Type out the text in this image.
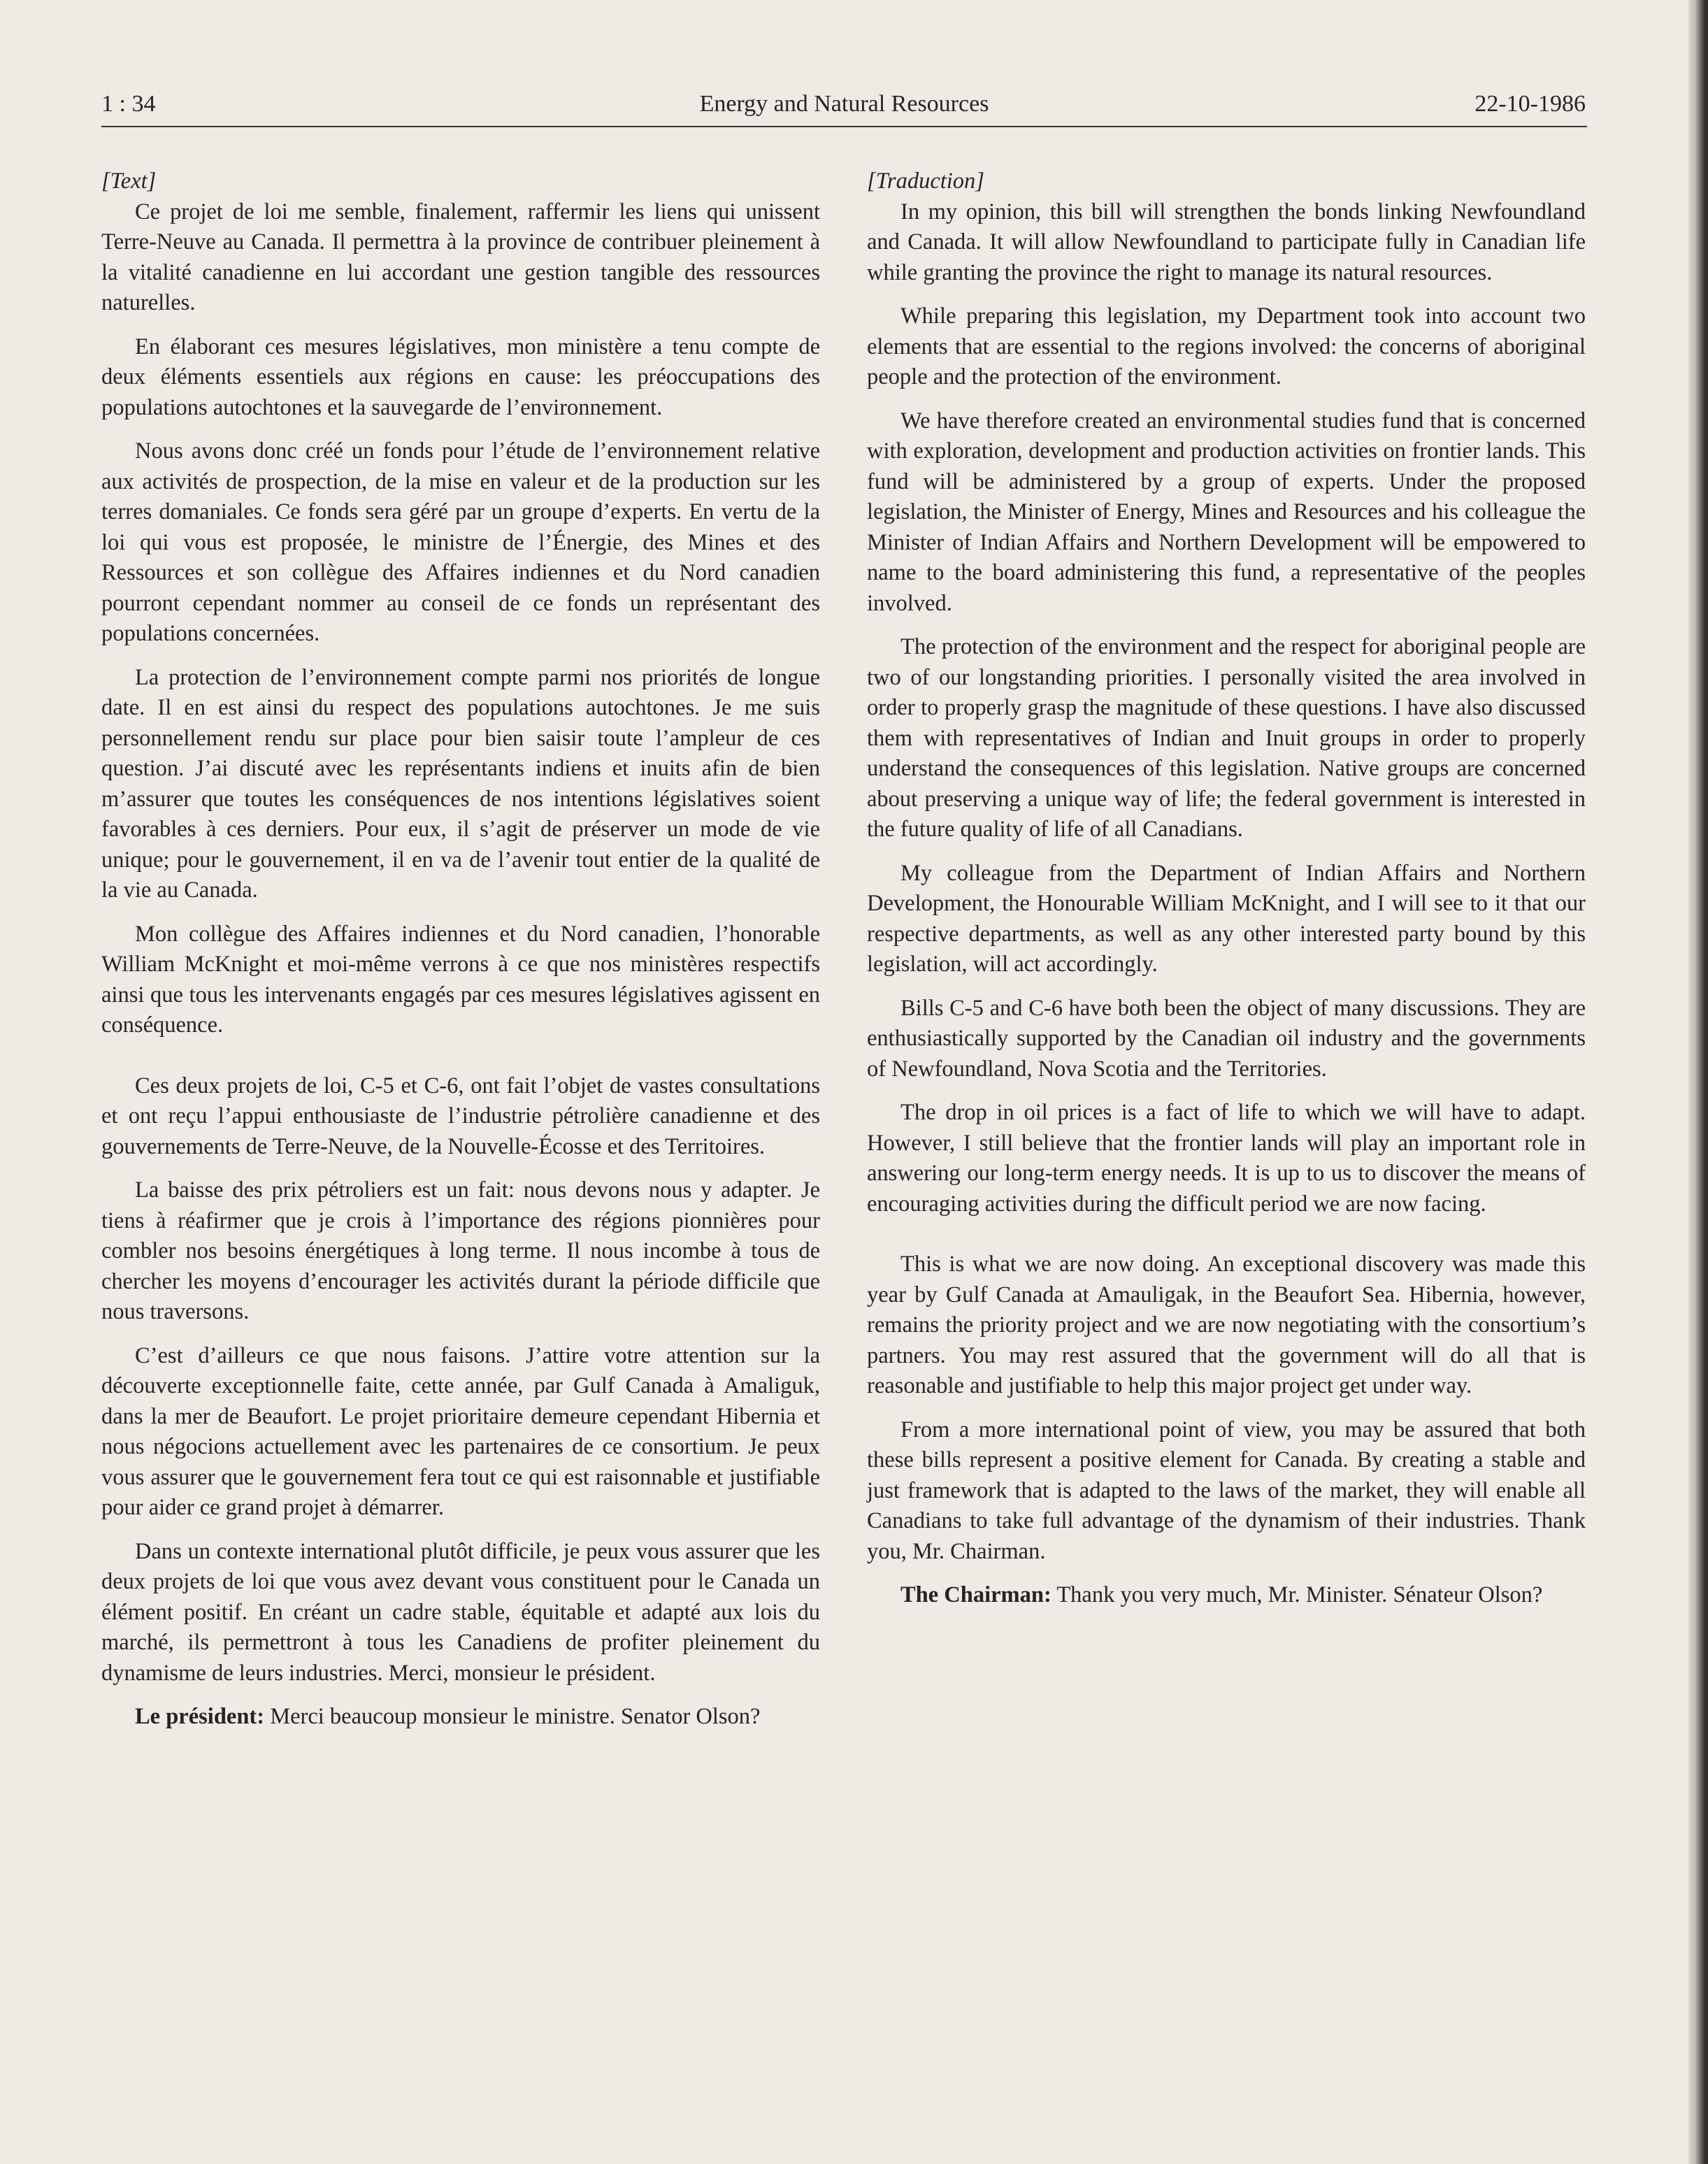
1 : 34	Energy and Natural Resources	22-10-1986

[Text]

Ce projet de loi me semble, finalement, raffermir les liens qui unissent Terre-Neuve au Canada. Il permettra à la province de contribuer pleinement à la vitalité canadienne en lui accordant une gestion tangible des ressources naturelles.

En élaborant ces mesures législatives, mon ministère a tenu compte de deux éléments essentiels aux régions en cause: les préoccupations des populations autochtones et la sauvegarde de l’environnement.

Nous avons donc créé un fonds pour l’étude de l’environnement relative aux activités de prospection, de la mise en valeur et de la production sur les terres domaniales. Ce fonds sera géré par un groupe d’experts. En vertu de la loi qui vous est proposée, le ministre de l’Énergie, des Mines et des Ressources et son collègue des Affaires indiennes et du Nord canadien pourront cependant nommer au conseil de ce fonds un représentant des populations concernées.

La protection de l’environnement compte parmi nos priorités de longue date. Il en est ainsi du respect des populations autochtones. Je me suis personnellement rendu sur place pour bien saisir toute l’ampleur de ces question. J’ai discuté avec les représentants indiens et inuits afin de bien m’assurer que toutes les conséquences de nos intentions législatives soient favorables à ces derniers. Pour eux, il s’agit de préserver un mode de vie unique; pour le gouvernement, il en va de l’avenir tout entier de la qualité de la vie au Canada.

Mon collègue des Affaires indiennes et du Nord canadien, l’honorable William McKnight et moi-même verrons à ce que nos ministères respectifs ainsi que tous les intervenants engagés par ces mesures législatives agissent en conséquence.

Ces deux projets de loi, C-5 et C-6, ont fait l’objet de vastes consultations et ont reçu l’appui enthousiaste de l’industrie pétrolière canadienne et des gouvernements de Terre-Neuve, de la Nouvelle-Écosse et des Territoires.

La baisse des prix pétroliers est un fait: nous devons nous y adapter. Je tiens à réafirmer que je crois à l’importance des régions pionnières pour combler nos besoins énergétiques à long terme. Il nous incombe à tous de chercher les moyens d’encourager les activités durant la période difficile que nous traversons.

C’est d’ailleurs ce que nous faisons. J’attire votre attention sur la découverte exceptionnelle faite, cette année, par Gulf Canada à Amaliguk, dans la mer de Beaufort. Le projet prioritaire demeure cependant Hibernia et nous négocions actuellement avec les partenaires de ce consortium. Je peux vous assurer que le gouvernement fera tout ce qui est raisonnable et justifiable pour aider ce grand projet à démarrer.

Dans un contexte international plutôt difficile, je peux vous assurer que les deux projets de loi que vous avez devant vous constituent pour le Canada un élément positif. En créant un cadre stable, équitable et adapté aux lois du marché, ils permettront à tous les Canadiens de profiter pleinement du dynamisme de leurs industries. Merci, monsieur le président.

Le président: Merci beaucoup monsieur le ministre. Senator Olson?

[Traduction]

In my opinion, this bill will strengthen the bonds linking Newfoundland and Canada. It will allow Newfoundland to participate fully in Canadian life while granting the province the right to manage its natural resources.

While preparing this legislation, my Department took into account two elements that are essential to the regions involved: the concerns of aboriginal people and the protection of the environment.

We have therefore created an environmental studies fund that is concerned with exploration, development and production activities on frontier lands. This fund will be administered by a group of experts. Under the proposed legislation, the Minister of Energy, Mines and Resources and his colleague the Minister of Indian Affairs and Northern Development will be empowered to name to the board administering this fund, a representative of the peoples involved.

The protection of the environment and the respect for aboriginal people are two of our longstanding priorities. I personally visited the area involved in order to properly grasp the magnitude of these questions. I have also discussed them with representatives of Indian and Inuit groups in order to properly understand the consequences of this legislation. Native groups are concerned about preserving a unique way of life; the federal government is interested in the future quality of life of all Canadians.

My colleague from the Department of Indian Affairs and Northern Development, the Honourable William McKnight, and I will see to it that our respective departments, as well as any other interested party bound by this legislation, will act accordingly.

Bills C-5 and C-6 have both been the object of many discussions. They are enthusiastically supported by the Canadian oil industry and the governments of Newfoundland, Nova Scotia and the Territories.

The drop in oil prices is a fact of life to which we will have to adapt. However, I still believe that the frontier lands will play an important role in answering our long-term energy needs. It is up to us to discover the means of encouraging activities during the difficult period we are now facing.

This is what we are now doing. An exceptional discovery was made this year by Gulf Canada at Amauligak, in the Beaufort Sea. Hibernia, however, remains the priority project and we are now negotiating with the consortium’s partners. You may rest assured that the government will do all that is reasonable and justifiable to help this major project get under way.

From a more international point of view, you may be assured that both these bills represent a positive element for Canada. By creating a stable and just framework that is adapted to the laws of the market, they will enable all Canadians to take full advantage of the dynamism of their industries. Thank you, Mr. Chairman.

The Chairman: Thank you very much, Mr. Minister. Sénateur Olson?
